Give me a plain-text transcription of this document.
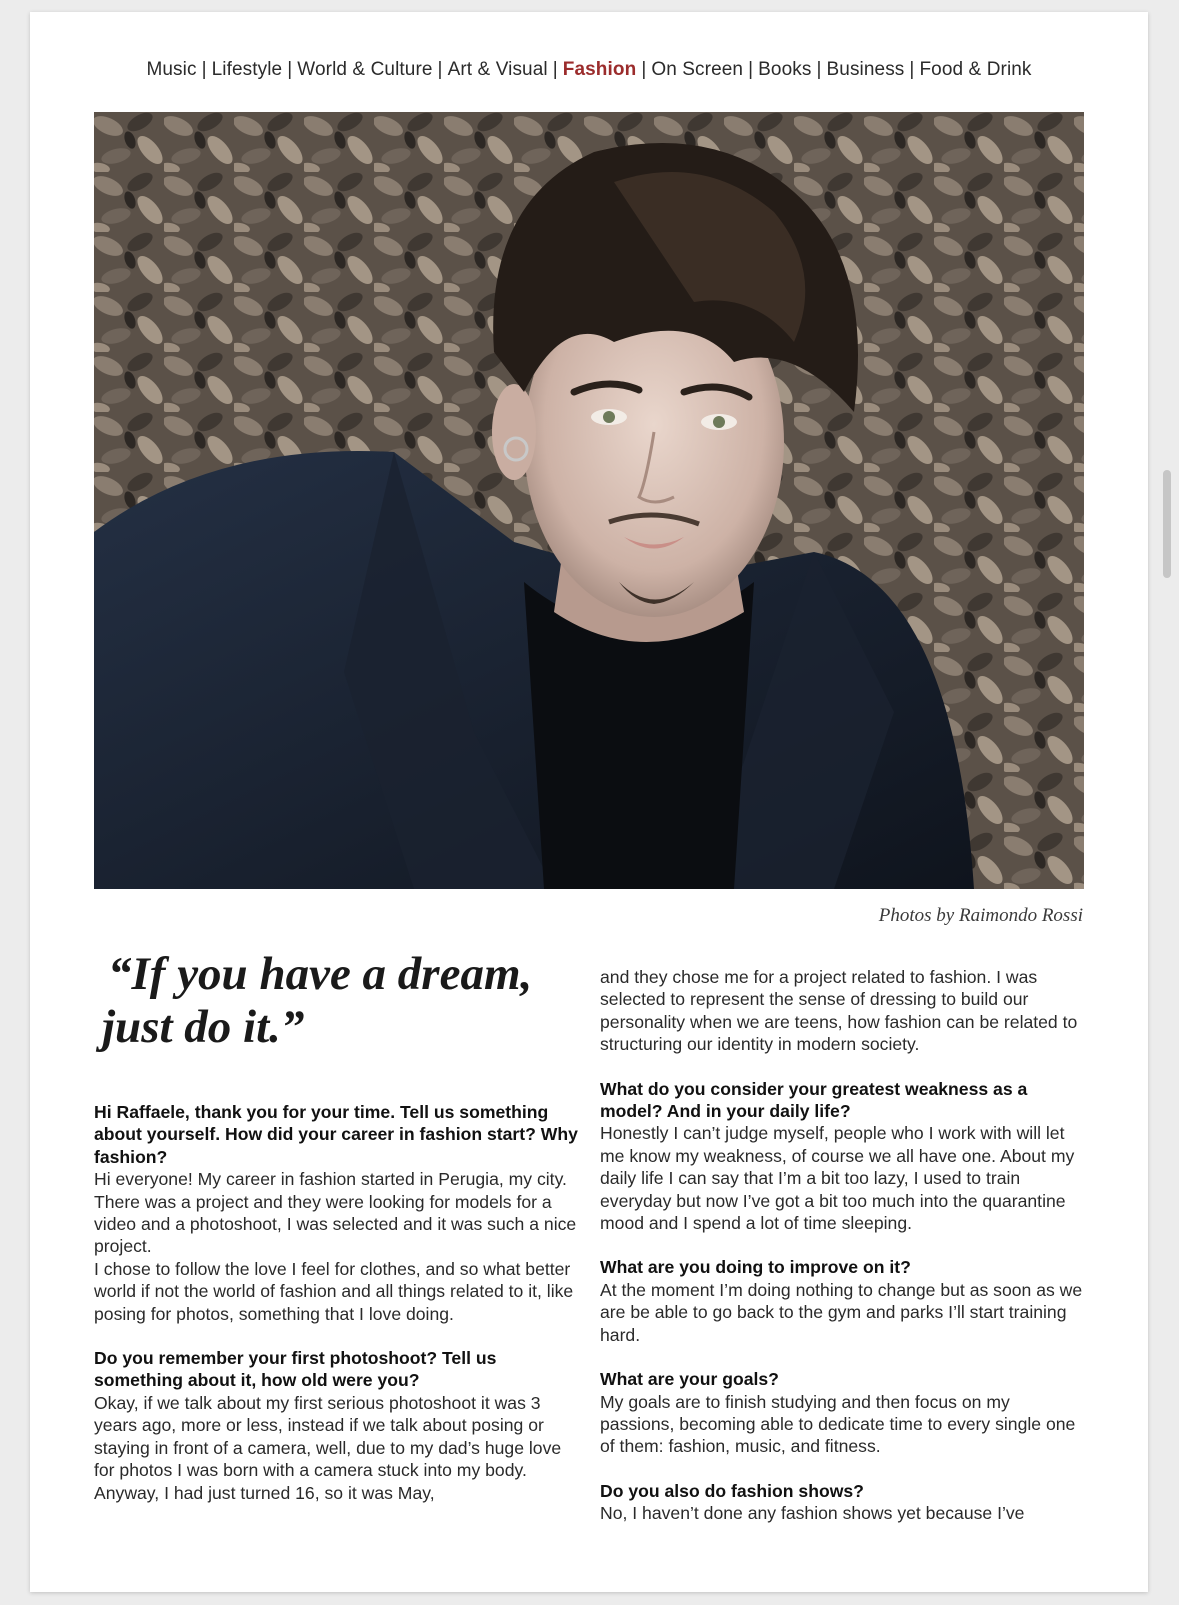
Music | Lifestyle | World & Culture | Art & Visual | Fashion | On Screen | Books | Business | Food & Drink
Photos by Raimondo Rossi
“If you have a dream,
just do it.”
Hi Raffaele, thank you for your time. Tell us something about yourself. How did your career in fashion start? Why fashion?
Hi everyone! My career in fashion started in Perugia, my city. There was a project and they were looking for models for a video and a photoshoot, I was selected and it was such a nice project.
I chose to follow the love I feel for clothes, and so what better world if not the world of fashion and all things related to it, like posing for photos, something that I love doing.
Do you remember your first photoshoot? Tell us something about it, how old were you?
Okay, if we talk about my first serious photoshoot it was 3 years ago, more or less, instead if we talk about posing or staying in front of a camera, well, due to my dad’s huge love for photos I was born with a camera stuck into my body. Anyway, I had just turned 16, so it was May,
and they chose me for a project related to fashion. I was selected to represent the sense of dressing to build our personality when we are teens, how fashion can be related to structuring our identity in modern society.
What do you consider your greatest weakness as a model? And in your daily life?
Honestly I can’t judge myself, people who I work with will let me know my weakness, of course we all have one. About my daily life I can say that I’m a bit too lazy, I used to train everyday but now I’ve got a bit too much into the quarantine mood and I spend a lot of time sleeping.
What are you doing to improve on it?
At the moment I’m doing nothing to change but as soon as we are be able to go back to the gym and parks I’ll start training hard.
What are your goals?
My goals are to finish studying and then focus on my passions, becoming able to dedicate time to every single one of them: fashion, music, and fitness.
Do you also do fashion shows?
No, I haven’t done any fashion shows yet because I’ve
